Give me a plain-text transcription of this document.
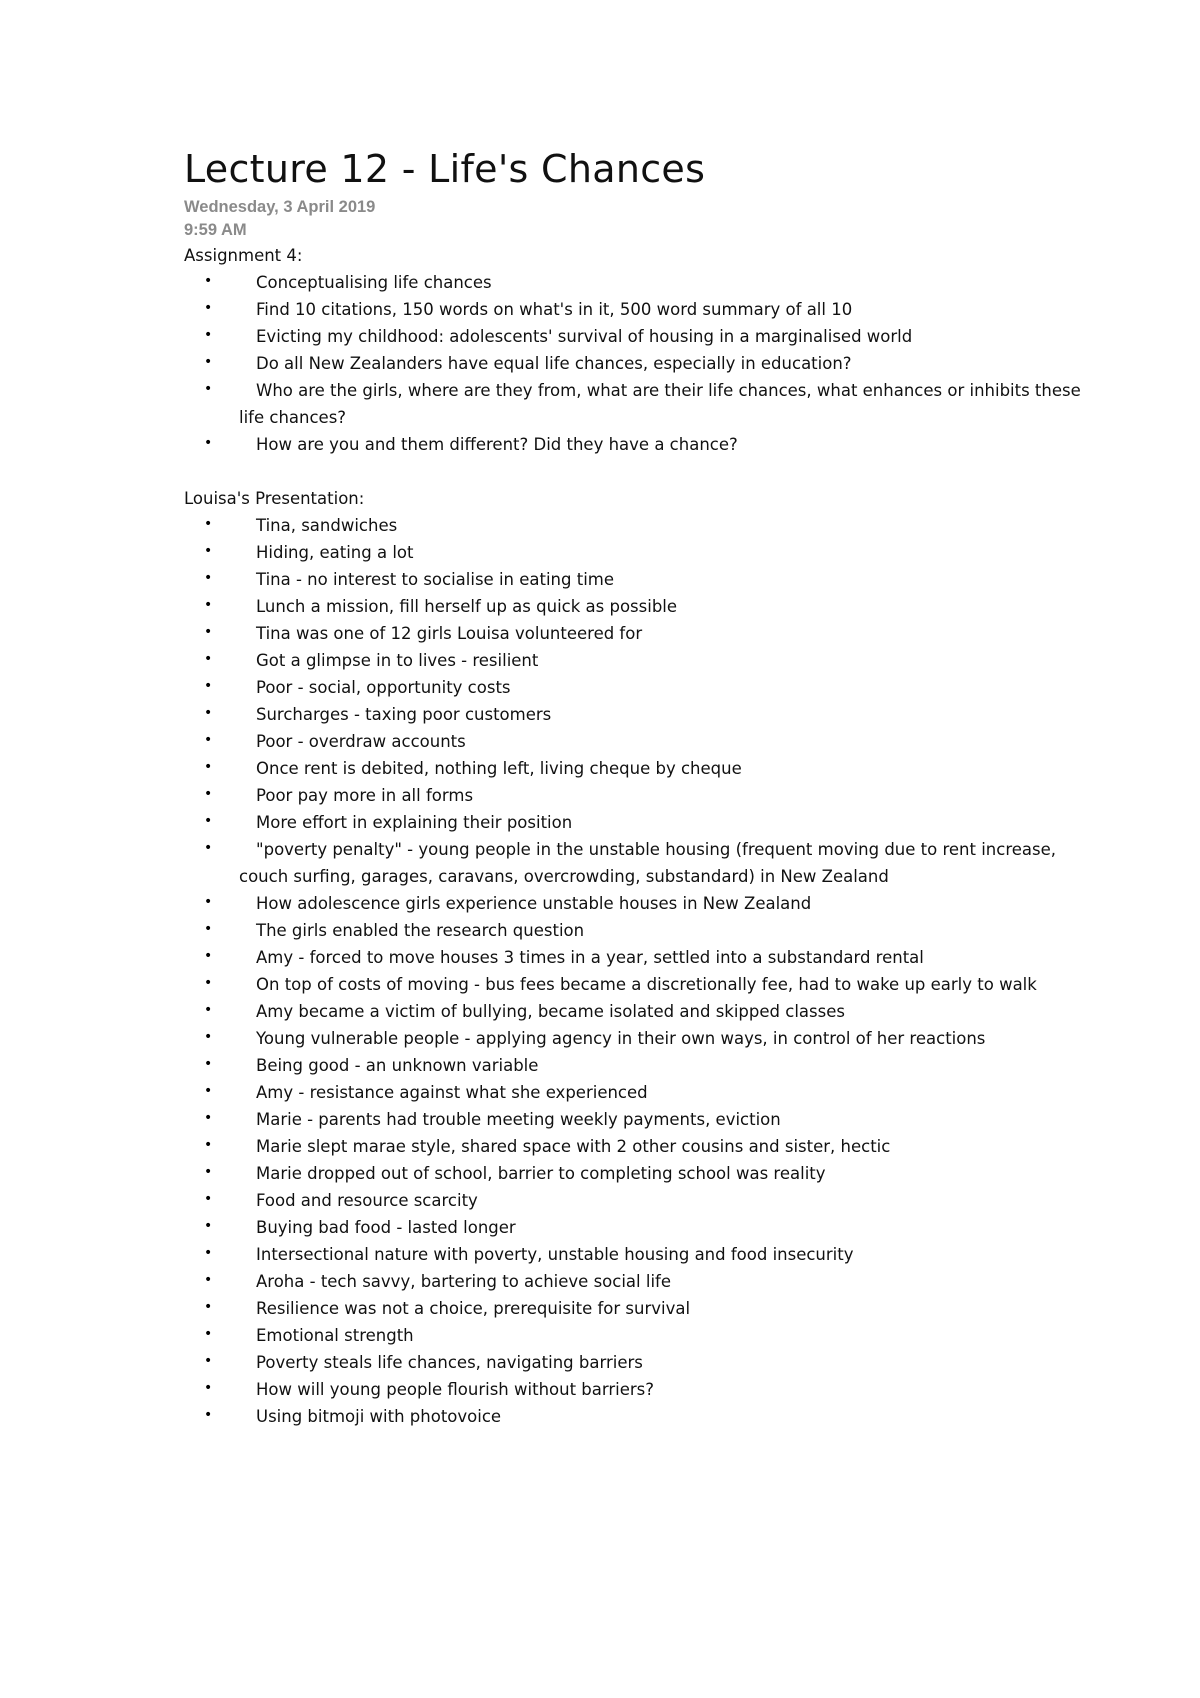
Lecture 12 - Life's Chances

Wednesday, 3 April 2019

9:59 AM

Assignment 4:

•	Conceptualising life chances
•	Find 10 citations, 150 words on what's in it, 500 word summary of all 10
•	Evicting my childhood: adolescents' survival of housing in a marginalised world
•	Do all New Zealanders have equal life chances, especially in education?
•	Who are the girls, where are they from, what are their life chances, what enhances or inhibits these life chances?
•	How are you and them different? Did they have a chance?

Louisa's Presentation:

•	Tina, sandwiches
•	Hiding, eating a lot
•	Tina - no interest to socialise in eating time
•	Lunch a mission, fill herself up as quick as possible
•	Tina was one of 12 girls Louisa volunteered for
•	Got a glimpse in to lives - resilient
•	Poor - social, opportunity costs
•	Surcharges - taxing poor customers
•	Poor - overdraw accounts
•	Once rent is debited, nothing left, living cheque by cheque
•	Poor pay more in all forms
•	More effort in explaining their position
•	"poverty penalty" - young people in the unstable housing (frequent moving due to rent increase, couch surfing, garages, caravans, overcrowding, substandard) in New Zealand
•	How adolescence girls experience unstable houses in New Zealand
•	The girls enabled the research question
•	Amy - forced to move houses 3 times in a year, settled into a substandard rental
•	On top of costs of moving - bus fees became a discretionally fee, had to wake up early to walk
•	Amy became a victim of bullying, became isolated and skipped classes
•	Young vulnerable people - applying agency in their own ways, in control of her reactions
•	Being good - an unknown variable
•	Amy - resistance against what she experienced
•	Marie - parents had trouble meeting weekly payments, eviction
•	Marie slept marae style, shared space with 2 other cousins and sister, hectic
•	Marie dropped out of school, barrier to completing school was reality
•	Food and resource scarcity
•	Buying bad food - lasted longer
•	Intersectional nature with poverty, unstable housing and food insecurity
•	Aroha - tech savvy, bartering to achieve social life
•	Resilience was not a choice, prerequisite for survival
•	Emotional strength
•	Poverty steals life chances, navigating barriers
•	How will young people flourish without barriers?
•	Using bitmoji with photovoice
